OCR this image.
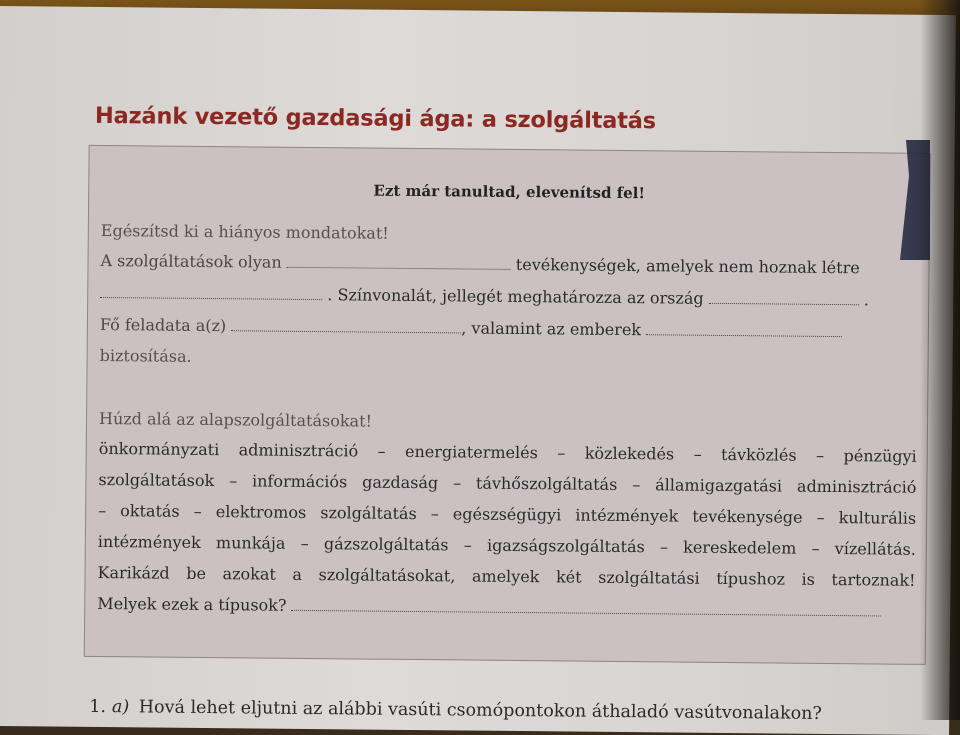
Hazánk vezető gazdasági ága: a szolgáltatás
Ezt már tanultad, elevenítsd fel!
Egészítsd ki a hiányos mondatokat!
A szolgáltatások olyan	tevékenységek, amelyek nem hoznak létre
. Színvonalát, jellegét meghatározza az ország	.
Fő feladata a(z)	, valamint az emberek
biztosítása.
Húzd alá az alapszolgáltatásokat!
önkormányzati adminisztráció – energiatermelés – közlekedés – távközlés – pénzügyi
szolgáltatások – információs gazdaság – távhőszolgáltatás – államigazgatási adminisztráció
– oktatás – elektromos szolgáltatás – egészségügyi intézmények tevékenysége – kulturális
intézmények munkája – gázszolgáltatás – igazságszolgáltatás – kereskedelem – vízellátás.
Karikázd be azokat a szolgáltatásokat, amelyek két szolgáltatási típushoz is tartoznak!
Melyek ezek a típusok?
1. a) Hová lehet eljutni az alábbi vasúti csomópontokon áthaladó vasútvonalakon?
